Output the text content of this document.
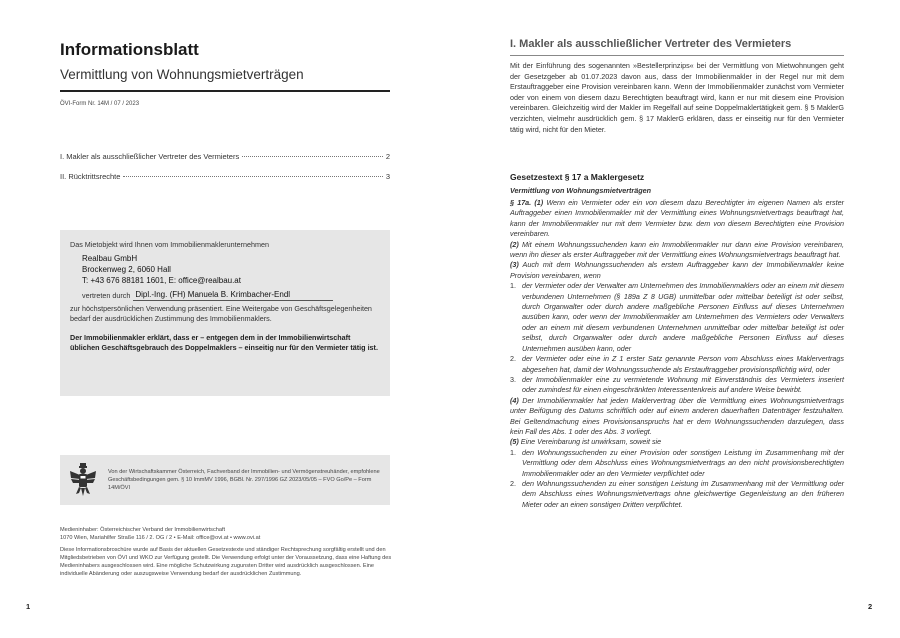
Informationsblatt
Vermittlung von Wohnungsmietverträgen
ÖVI-Form Nr. 14M / 07 / 2023
I. Makler als ausschließlicher Vertreter des Vermieters	2
II. Rücktrittsrechte	3
Das Mietobjekt wird Ihnen vom Immobilienmaklerunternehmen
Realbau GmbH
Brockenweg 2, 6060 Hall
T: +43 676 88181 1601, E: office@realbau.at
vertreten durch Dipl.-Ing. (FH) Manuela B. Krimbacher-Endl
zur höchstpersönlichen Verwendung präsentiert. Eine Weitergabe von Geschäftsgelegenheiten bedarf der ausdrücklichen Zustimmung des Immobilienmaklers.
Der Immobilienmakler erklärt, dass er – entgegen dem in der Immobilienwirtschaft üblichen Geschäftsgebrauch des Doppelmaklers – einseitig nur für den Vermieter tätig ist.
Von der Wirtschaftskammer Österreich, Fachverband der Immobilien- und Vermögenstreuhänder, empfohlene Geschäftsbedingungen gem. § 10 ImmMV 1996, BGBl. Nr. 297/1996 GZ 2023/05/05 – FVO Go/Pe – Form 14M/ÖVI

Medieninhaber: Österreichischer Verband der Immobilienwirtschaft
1070 Wien, Mariahilfer Straße 116 / 2. OG / 2 • E-Mail: office@ovi.at • www.ovi.at

Diese Informationsbroschüre wurde auf Basis der aktuellen Gesetzestexte und ständiger Rechtsprechung sorgfältig erstellt und den Mitgliedsbetrieben von ÖVI und WKO zur Verfügung gestellt. Die Verwendung erfolgt unter der Voraussetzung, dass eine Haftung des Medieninhabers ausgeschlossen wird. Eine mögliche Schutzwirkung zugunsten Dritter wird ausdrücklich ausgeschlossen. Eine individuelle Abänderung oder auszugsweise Verwendung bedarf der ausdrücklichen Zustimmung.

1
I. Makler als ausschließlicher Vertreter des Vermieters
Mit der Einführung des sogenannten »Bestellerprinzips« bei der Vermittlung von Mietwohnungen geht der Gesetzgeber ab 01.07.2023 davon aus, dass der Immobilienmakler in der Regel nur mit dem Erstauftraggeber eine Provision vereinbaren kann. Wenn der Immobilienmakler zunächst vom Vermieter oder von einem von diesem dazu Berechtigten beauftragt wird, kann er nur mit diesem eine Provision vereinbaren. Gleichzeitig wird der Makler im Regelfall auf seine Doppelmaklertätigkeit gem. § 5 MaklerG verzichten, vielmehr ausdrücklich gem. § 17 MaklerG erklären, dass er einseitig nur für den Vermieter tätig wird, nicht für den Mieter.
Gesetzestext § 17 a Maklergesetz
Vermittlung von Wohnungsmietverträgen

§ 17a. (1) Wenn ein Vermieter oder ein von diesem dazu Berechtigter im eigenen Namen als erster Auftraggeber einen Immobilienmakler mit der Vermittlung eines Wohnungsmietvertrags beauftragt hat, kann der Immobilienmakler nur mit dem Vermieter bzw. dem von diesem Berechtigten eine Provision vereinbaren.

(2) Mit einem Wohnungssuchenden kann ein Immobilienmakler nur dann eine Provision vereinbaren, wenn ihn dieser als erster Auftraggeber mit der Vermittlung eines Wohnungsmietvertrags beauftragt hat.

(3) Auch mit dem Wohnungssuchenden als erstem Auftraggeber kann der Immobilienmakler keine Provision vereinbaren, wenn

1. der Vermieter oder der Verwalter am Unternehmen des Immobilienmaklers oder an einem mit diesem verbundenen Unternehmen (§ 189a Z 8 UGB) unmittelbar oder mittelbar beteiligt ist oder selbst, durch Organwalter oder durch andere maßgebliche Personen Einfluss auf dieses Unternehmen ausüben kann, oder wenn der Immobilienmakler am Unternehmen des Vermieters oder Verwalters oder an einem mit diesem verbundenen Unternehmen unmittelbar oder mittelbar beteiligt ist oder selbst, durch Organwalter oder durch andere maßgebliche Personen Einfluss auf dieses Unternehmen ausüben kann, oder
2. der Vermieter oder eine in Z 1 erster Satz genannte Person vom Abschluss eines Maklervertrags abgesehen hat, damit der Wohnungssuchende als Erstauftraggeber provisionspflichtig wird, oder
3. der Immobilienmakler eine zu vermietende Wohnung mit Einverständnis des Vermieters inseriert oder zumindest für einen eingeschränkten Interessentenkreis auf andere Weise bewirbt.

(4) Der Immobilienmakler hat jeden Maklervertrag über die Vermittlung eines Wohnungsmietvertrags unter Beifügung des Datums schriftlich oder auf einem anderen dauerhaften Datenträger festzuhalten. Bei Geltendmachung eines Provisionsanspruchs hat er dem Wohnungssuchenden darzulegen, dass kein Fall des Abs. 1 oder des Abs. 3 vorliegt.

(5) Eine Vereinbarung ist unwirksam, soweit sie

1. den Wohnungssuchenden zu einer Provision oder sonstigen Leistung im Zusammenhang mit der Vermittlung oder dem Abschluss eines Wohnungsmietvertrags an den nicht provisionsberechtigten Immobilienmakler oder an den Vermieter verpflichtet oder
2. den Wohnungssuchenden zu einer sonstigen Leistung im Zusammenhang mit der Vermittlung oder dem Abschluss eines Wohnungsmietvertrags ohne gleichwertige Gegenleistung an den früheren Mieter oder an einen sonstigen Dritten verpflichtet.
2
